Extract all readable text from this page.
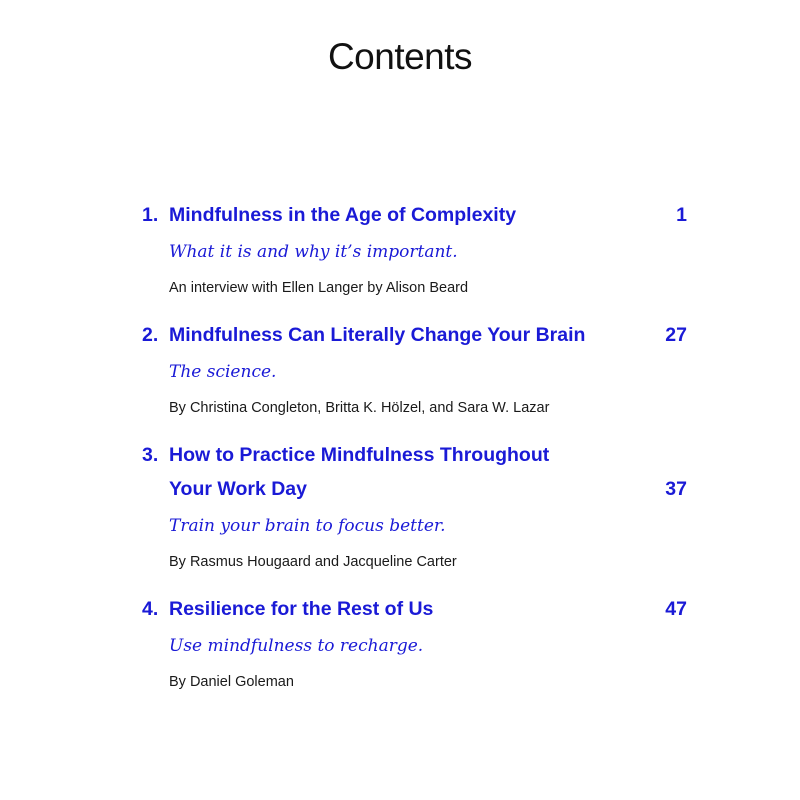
Contents
1. Mindfulness in the Age of Complexity	1
What it is and why it’s important.
An interview with Ellen Langer by Alison Beard
2. Mindfulness Can Literally Change Your Brain	27
The science.
By Christina Congleton, Britta K. Hölzel, and Sara W. Lazar
3. How to Practice Mindfulness Throughout Your Work Day	37
Train your brain to focus better.
By Rasmus Hougaard and Jacqueline Carter
4. Resilience for the Rest of Us	47
Use mindfulness to recharge.
By Daniel Goleman
